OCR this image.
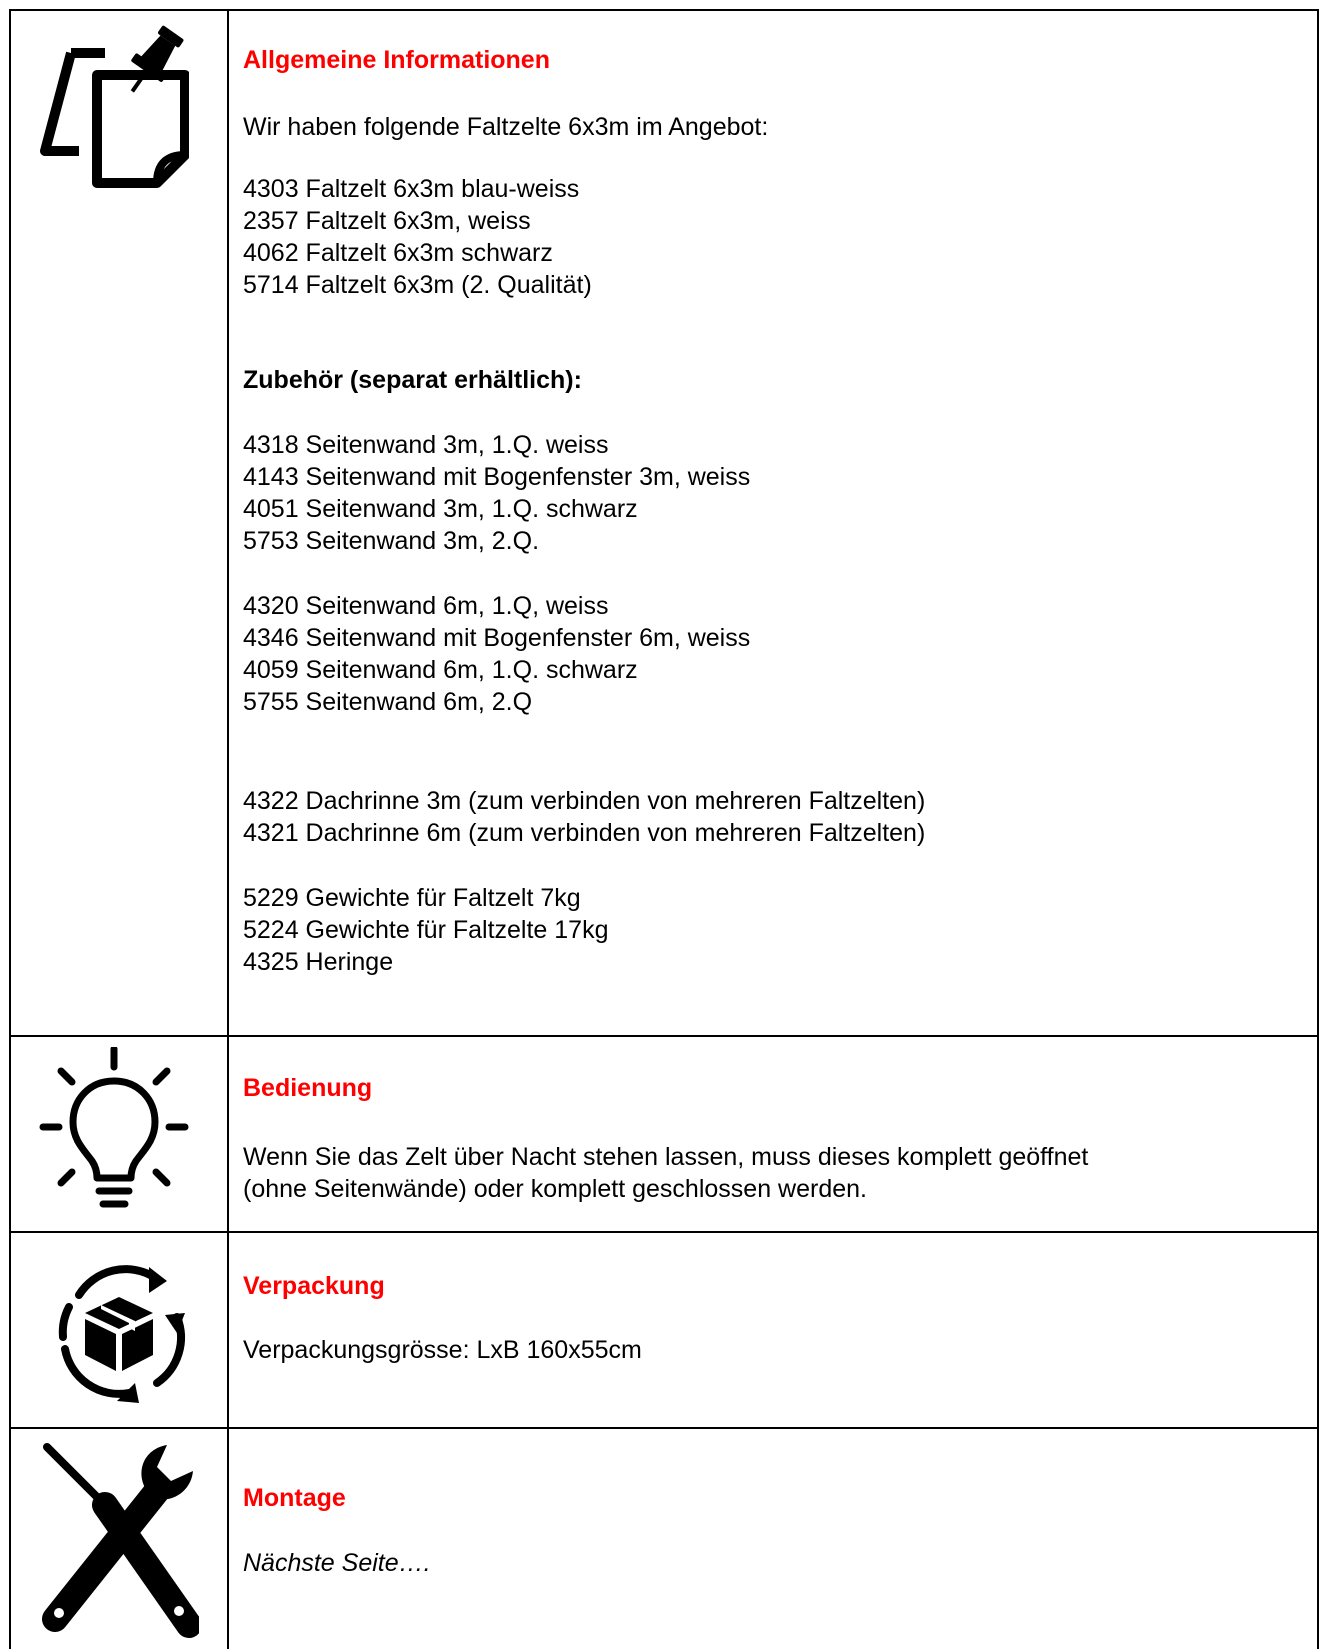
Allgemeine Informationen
Wir haben folgende Faltzelte 6x3m im Angebot:
4303 Faltzelt 6x3m blau-weiss
2357 Faltzelt 6x3m, weiss
4062 Faltzelt 6x3m schwarz
5714 Faltzelt 6x3m (2. Qualität)
Zubehör (separat erhältlich):
4318 Seitenwand 3m, 1.Q. weiss
4143 Seitenwand mit Bogenfenster 3m, weiss
4051 Seitenwand 3m, 1.Q. schwarz
5753 Seitenwand 3m, 2.Q.
4320 Seitenwand 6m, 1.Q, weiss
4346 Seitenwand mit Bogenfenster 6m, weiss
4059 Seitenwand 6m, 1.Q. schwarz
5755 Seitenwand 6m, 2.Q
4322 Dachrinne 3m (zum verbinden von mehreren Faltzelten)
4321 Dachrinne 6m (zum verbinden von mehreren Faltzelten)
5229 Gewichte für Faltzelt 7kg
5224 Gewichte für Faltzelte 17kg
4325 Heringe
Bedienung
Wenn Sie das Zelt über Nacht stehen lassen, muss dieses komplett geöffnet
(ohne Seitenwände) oder komplett geschlossen werden.
Verpackung
Verpackungsgrösse: LxB 160x55cm
Montage
Nächste Seite….
